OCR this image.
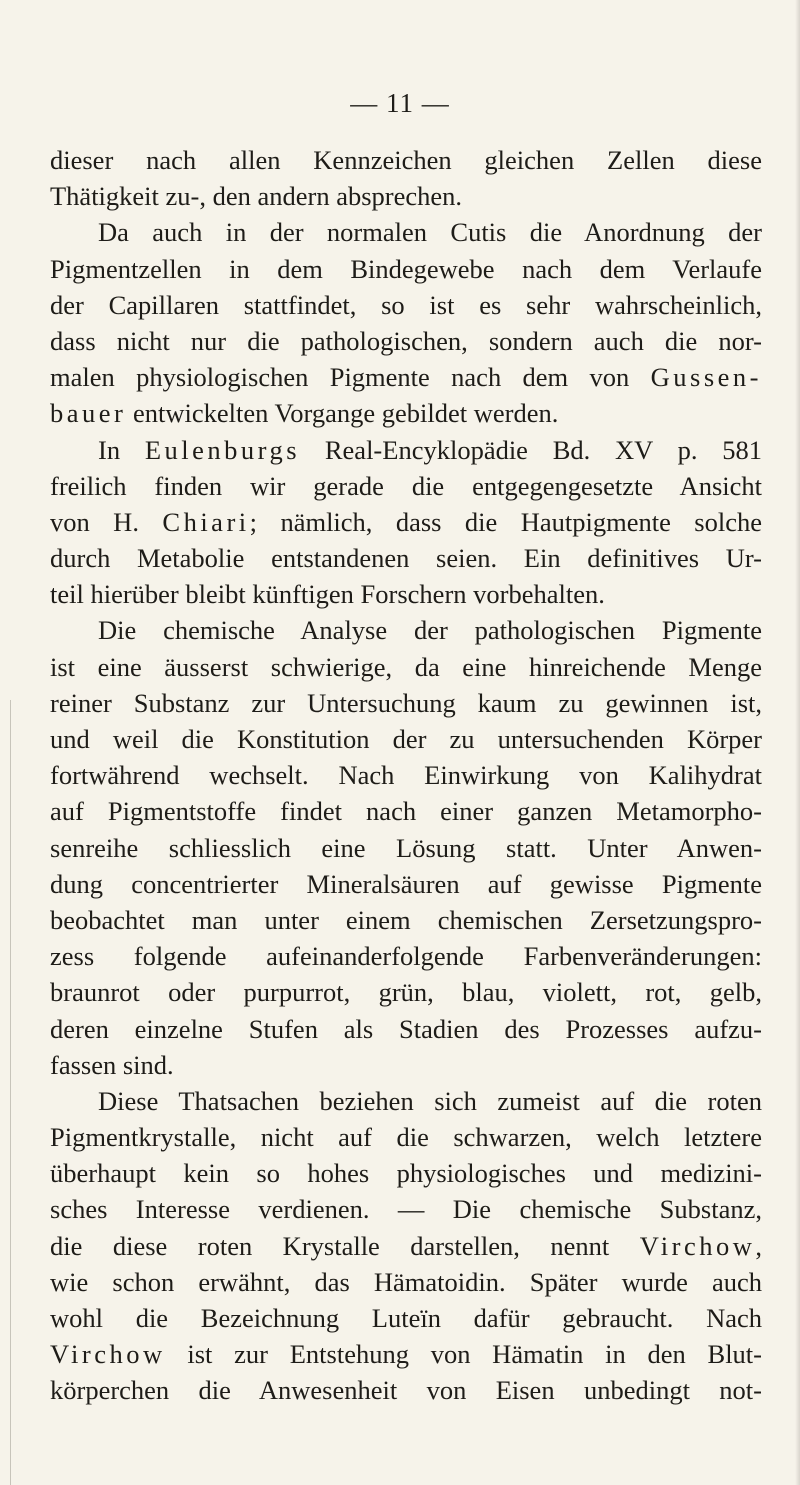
— 11 —
dieser nach allen Kennzeichen gleichen Zellen diese
Thätigkeit zu-, den andern absprechen.
Da auch in der normalen Cutis die Anordnung der
Pigmentzellen in dem Bindegewebe nach dem Verlaufe
der Capillaren stattfindet, so ist es sehr wahrscheinlich,
dass nicht nur die pathologischen, sondern auch die nor-
malen physiologischen Pigmente nach dem von Gussen-
bauer entwickelten Vorgange gebildet werden.
In Eulenburgs Real-Encyklopädie Bd. XV p. 581
freilich finden wir gerade die entgegengesetzte Ansicht
von H. Chiari; nämlich, dass die Hautpigmente solche
durch Metabolie entstandenen seien. Ein definitives Ur-
teil hierüber bleibt künftigen Forschern vorbehalten.
Die chemische Analyse der pathologischen Pigmente
ist eine äusserst schwierige, da eine hinreichende Menge
reiner Substanz zur Untersuchung kaum zu gewinnen ist,
und weil die Konstitution der zu untersuchenden Körper
fortwährend wechselt. Nach Einwirkung von Kalihydrat
auf Pigmentstoffe findet nach einer ganzen Metamorpho-
senreihe schliesslich eine Lösung statt. Unter Anwen-
dung concentrierter Mineralsäuren auf gewisse Pigmente
beobachtet man unter einem chemischen Zersetzungspro-
zess folgende aufeinanderfolgende Farbenveränderungen:
braunrot oder purpurrot, grün, blau, violett, rot, gelb,
deren einzelne Stufen als Stadien des Prozesses aufzu-
fassen sind.
Diese Thatsachen beziehen sich zumeist auf die roten
Pigmentkrystalle, nicht auf die schwarzen, welch letztere
überhaupt kein so hohes physiologisches und medizini-
sches Interesse verdienen. — Die chemische Substanz,
die diese roten Krystalle darstellen, nennt Virchow,
wie schon erwähnt, das Hämatoidin. Später wurde auch
wohl die Bezeichnung Luteïn dafür gebraucht. Nach
Virchow ist zur Entstehung von Hämatin in den Blut-
körperchen die Anwesenheit von Eisen unbedingt not-
